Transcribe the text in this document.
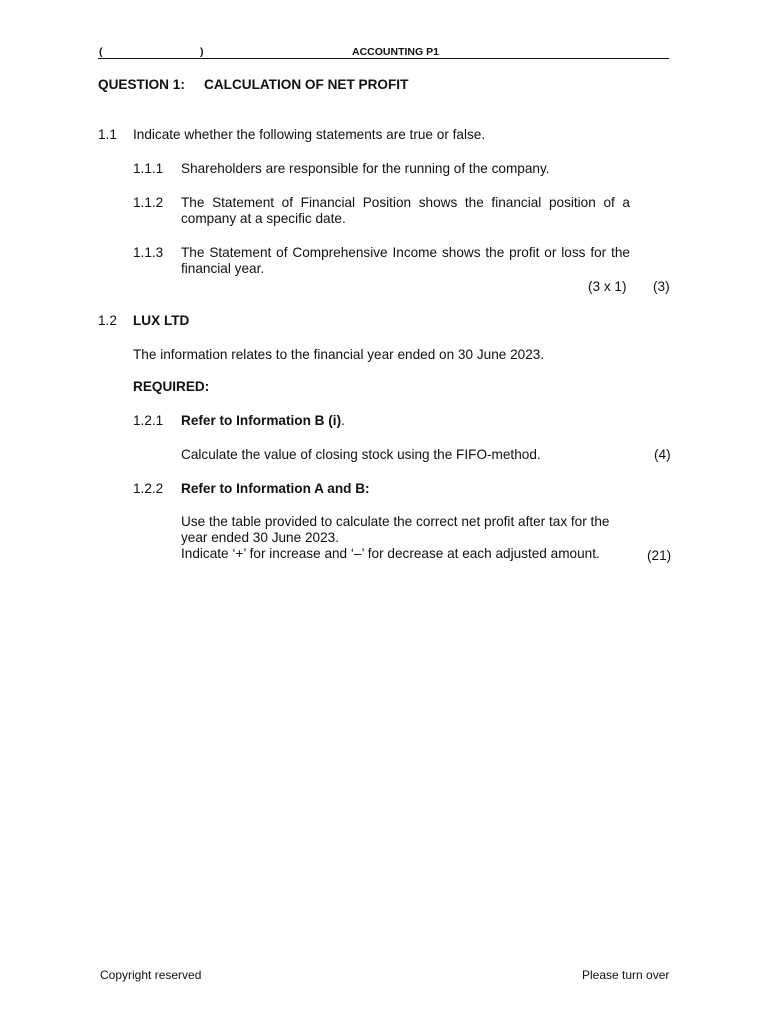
(	)	ACCOUNTING P1
QUESTION 1: CALCULATION OF NET PROFIT
1.1 Indicate whether the following statements are true or false.
1.1.1 Shareholders are responsible for the running of the company.
1.1.2 The Statement of Financial Position shows the financial position of a company at a specific date.
1.1.3 The Statement of Comprehensive Income shows the profit or loss for the financial year.
(3 x 1) (3)
1.2 LUX LTD
The information relates to the financial year ended on 30 June 2023.
REQUIRED:
1.2.1 Refer to Information B (i).
Calculate the value of closing stock using the FIFO-method.	(4)
1.2.2 Refer to Information A and B:
Use the table provided to calculate the correct net profit after tax for the year ended 30 June 2023.
Indicate ‘+’ for increase and ‘–’ for decrease at each adjusted amount.	(21)
Copyright reserved	Please turn over
